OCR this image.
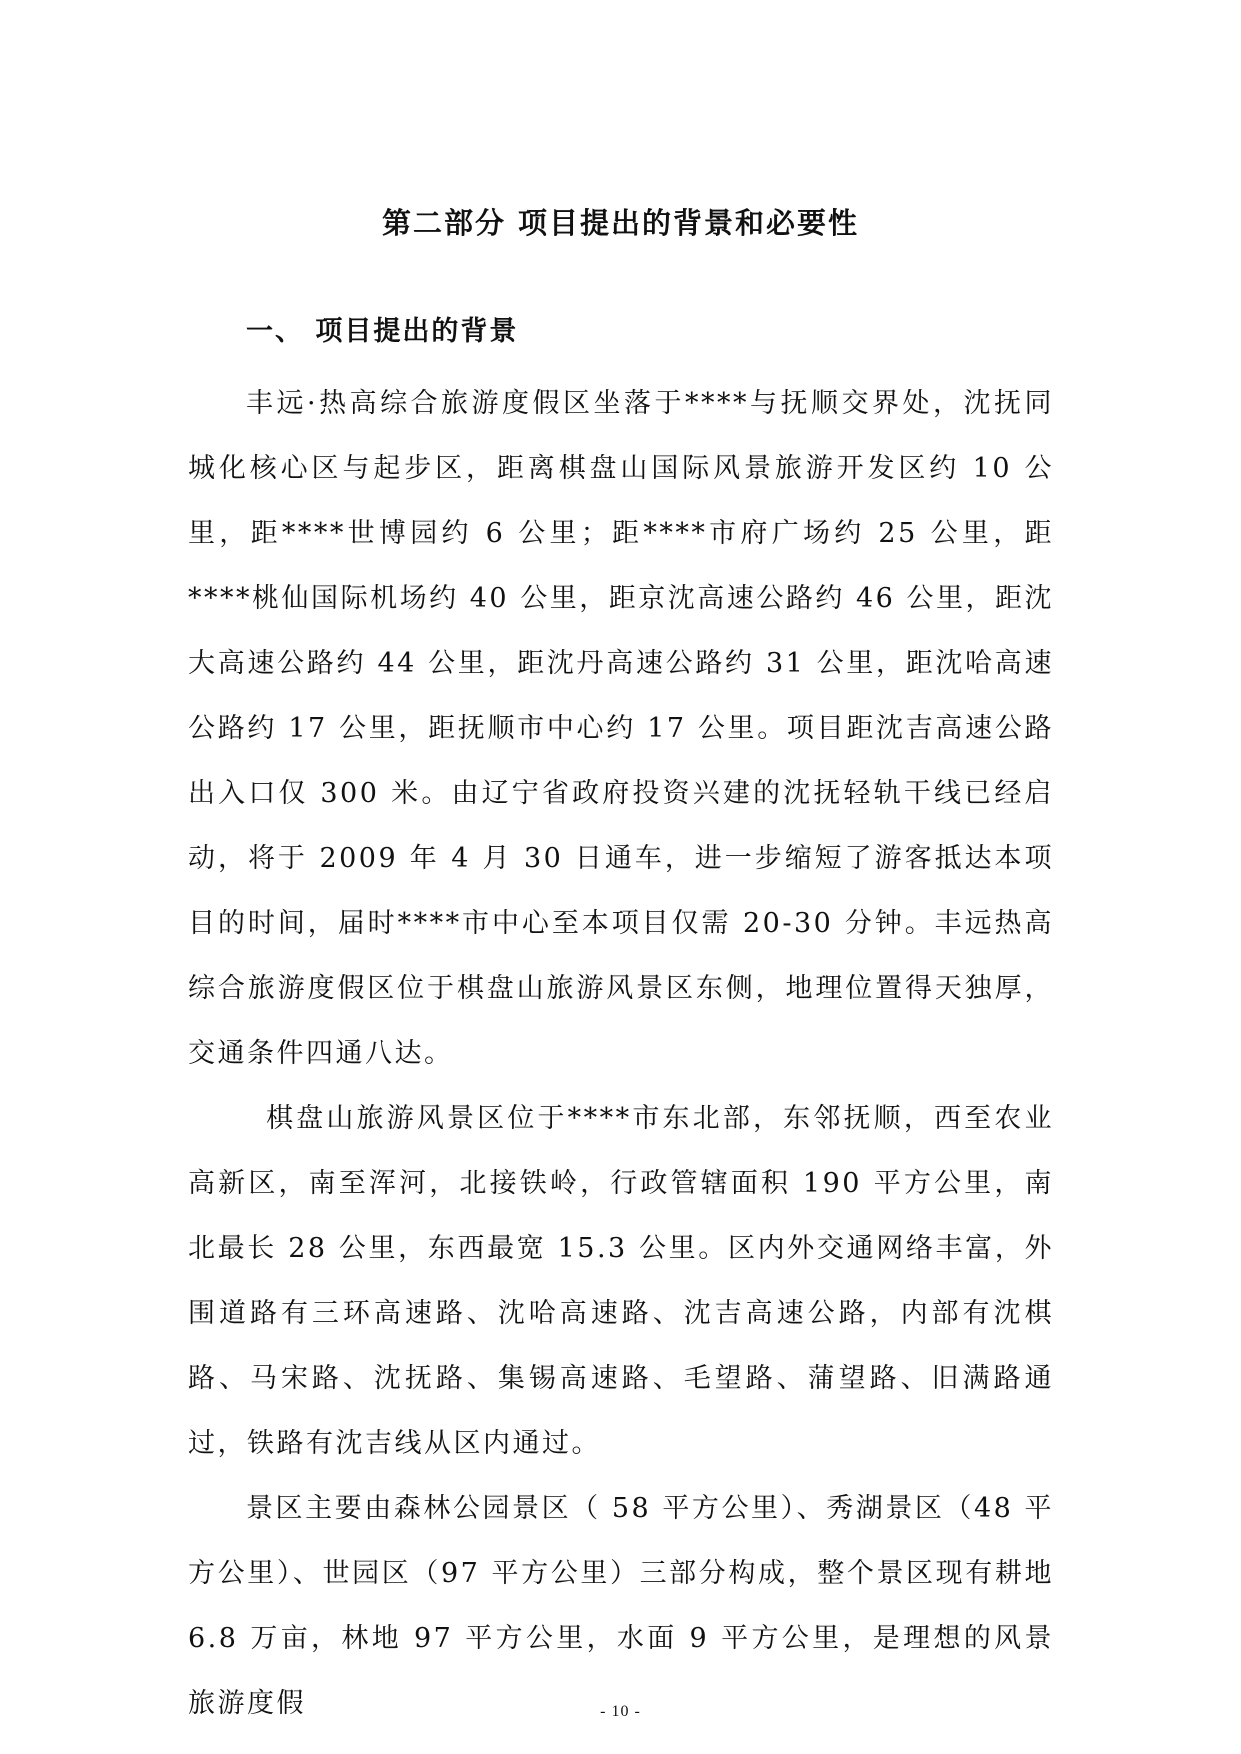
第二部分 项目提出的背景和必要性
一、 项目提出的背景

丰远·热高综合旅游度假区坐落于****与抚顺交界处，沈抚同城化核心区与起步区，距离棋盘山国际风景旅游开发区约 10 公里，距****世博园约 6 公里；距****市府广场约 25 公里，距****桃仙国际机场约 40 公里，距京沈高速公路约 46 公里，距沈大高速公路约 44 公里，距沈丹高速公路约 31 公里，距沈哈高速公路约 17 公里，距抚顺市中心约 17 公里。项目距沈吉高速公路出入口仅 300 米。由辽宁省政府投资兴建的沈抚轻轨干线已经启动，将于 2009 年 4 月 30 日通车，进一步缩短了游客抵达本项目的时间，届时****市中心至本项目仅需 20-30 分钟。丰远热高综合旅游度假区位于棋盘山旅游风景区东侧，地理位置得天独厚，交通条件四通八达。

棋盘山旅游风景区位于****市东北部，东邻抚顺，西至农业高新区，南至浑河，北接铁岭，行政管辖面积 190 平方公里，南北最长 28 公里，东西最宽 15.3 公里。区内外交通网络丰富，外围道路有三环高速路、沈哈高速路、沈吉高速公路，内部有沈棋路、马宋路、沈抚路、集锡高速路、毛望路、蒲望路、旧满路通过，铁路有沈吉线从区内通过。

景区主要由森林公园景区（ 58 平方公里）、秀湖景区（48 平方公里）、世园区（97 平方公里）三部分构成，整个景区现有耕地 6.8 万亩，林地 97 平方公里，水面 9 平方公里，是理想的风景旅游度假	- 10 -
